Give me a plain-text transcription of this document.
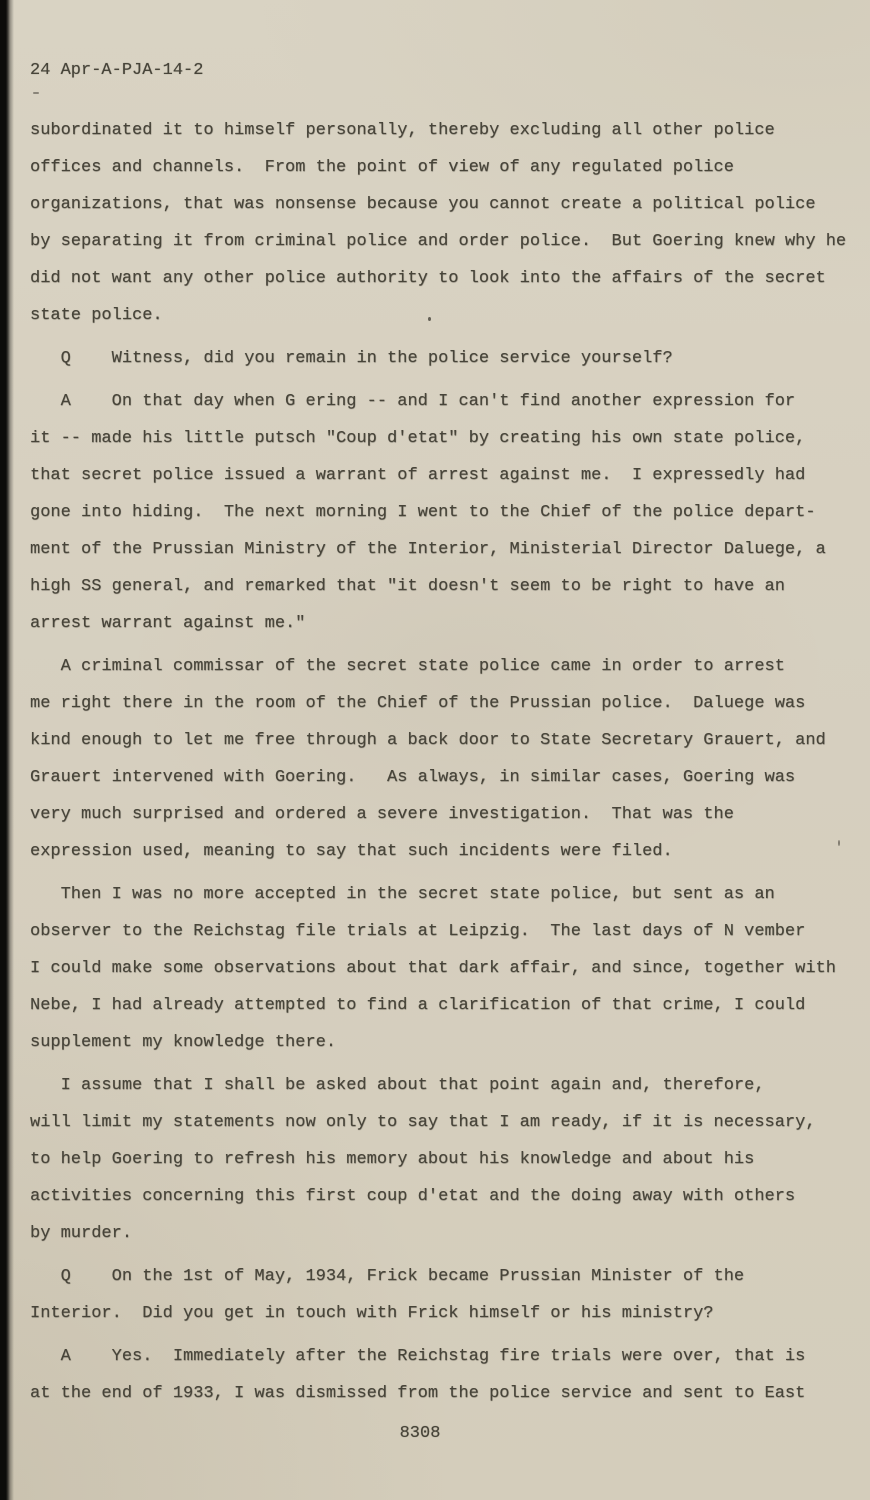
24 Apr-A-PJA-14-2
subordinated it to himself personally, thereby excluding all other police
offices and channels.  From the point of view of any regulated police
organizations, that was nonsense because you cannot create a political police
by separating it from criminal police and order police.  But Goering knew why he
did not want any other police authority to look into the affairs of the secret
state police.
Q    Witness, did you remain in the police service yourself?
A    On that day when G ering -- and I can't find another expression for
it -- made his little putsch "Coup d'etat" by creating his own state police,
that secret police issued a warrant of arrest against me.  I expressedly had
gone into hiding.  The next morning I went to the Chief of the police depart-
ment of the Prussian Ministry of the Interior, Ministerial Director Daluege, a
high SS general, and remarked that "it doesn't seem to be right to have an
arrest warrant against me."
A criminal commissar of the secret state police came in order to arrest
me right there in the room of the Chief of the Prussian police.  Daluege was
kind enough to let me free through a back door to State Secretary Grauert, and
Grauert intervened with Goering.   As always, in similar cases, Goering was
very much surprised and ordered a severe investigation.  That was the
expression used, meaning to say that such incidents were filed.
Then I was no more accepted in the secret state police, but sent as an
observer to the Reichstag file trials at Leipzig.  The last days of N vember
I could make some observations about that dark affair, and since, together with
Nebe, I had already attempted to find a clarification of that crime, I could
supplement my knowledge there.
I assume that I shall be asked about that point again and, therefore,
will limit my statements now only to say that I am ready, if it is necessary,
to help Goering to refresh his memory about his knowledge and about his
activities concerning this first coup d'etat and the doing away with others
by murder.
Q    On the 1st of May, 1934, Frick became Prussian Minister of the
Interior.  Did you get in touch with Frick himself or his ministry?
A    Yes.  Immediately after the Reichstag fire trials were over, that is
at the end of 1933, I was dismissed from the police service and sent to East
8308
